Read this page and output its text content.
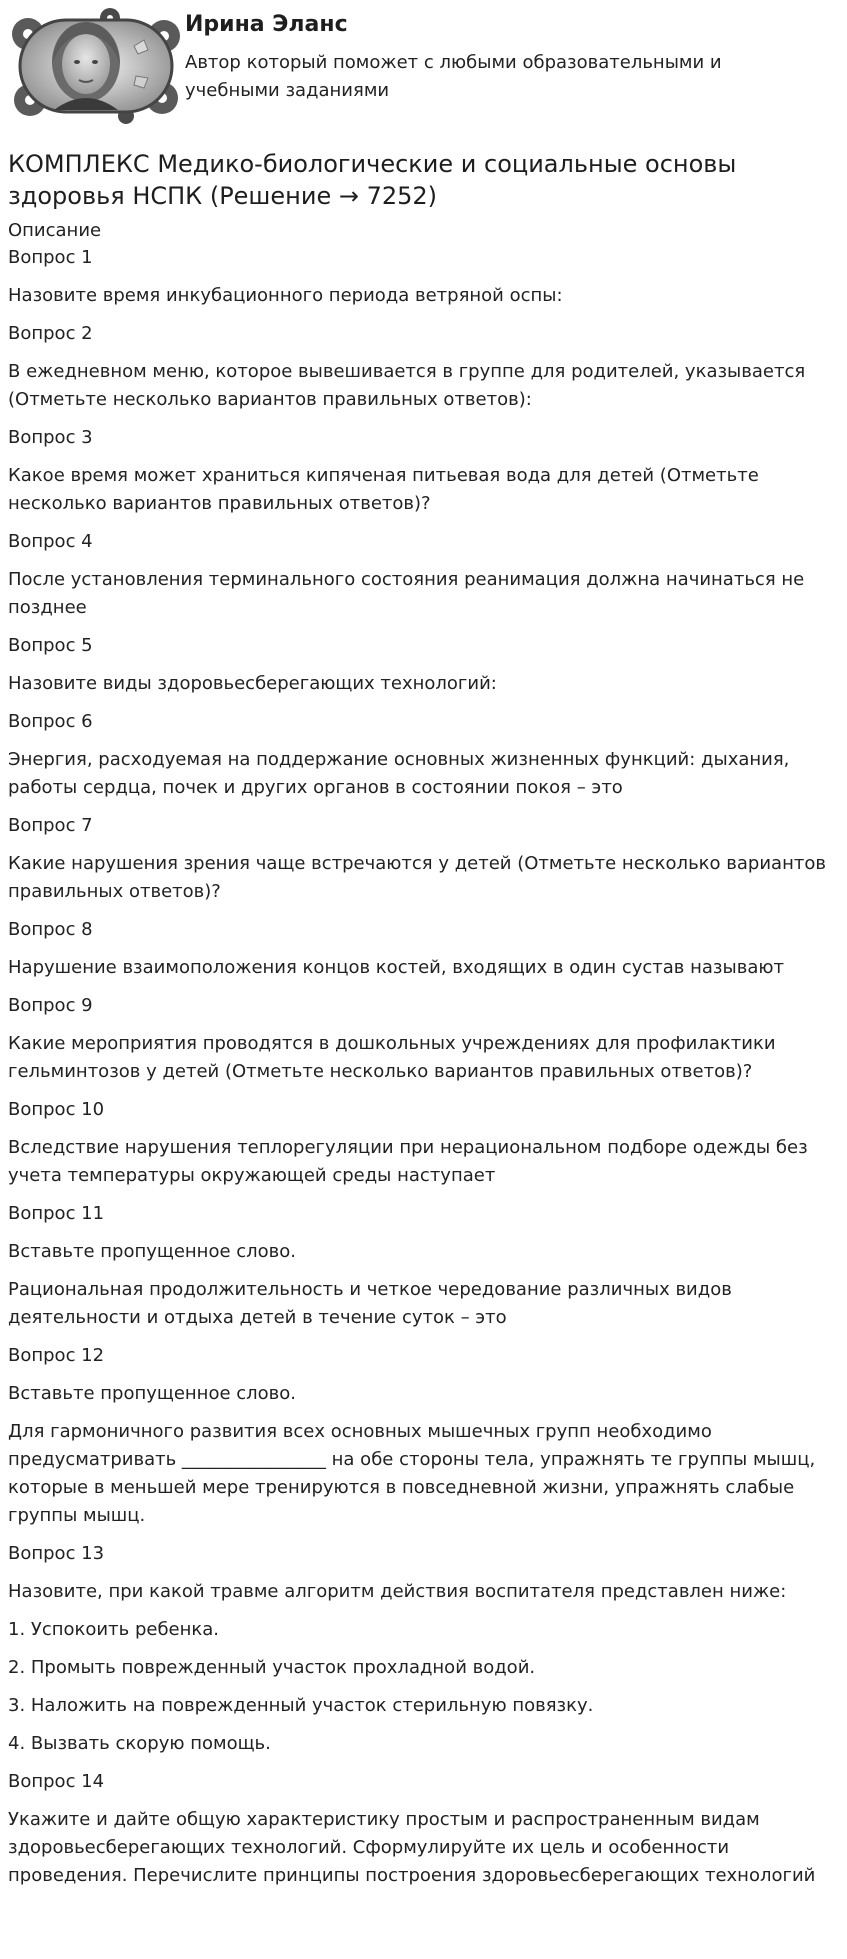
Ирина Эланс
Автор который поможет с любыми образовательными и учебными заданиями
КОМПЛЕКС Медико-биологические и социальные основы здоровья НСПК (Решение → 7252)
Описание
Вопрос 1

Назовите время инкубационного периода ветряной оспы:

Вопрос 2

В ежедневном меню, которое вывешивается в группе для родителей, указывается (Отметьте несколько вариантов правильных ответов):

Вопрос 3

Какое время может храниться кипяченая питьевая вода для детей (Отметьте несколько вариантов правильных ответов)?

Вопрос 4

После установления терминального состояния реанимация должна начинаться не позднее

Вопрос 5

Назовите виды здоровьесберегающих технологий:

Вопрос 6

Энергия, расходуемая на поддержание основных жизненных функций: дыхания, работы сердца, почек и других органов в состоянии покоя – это

Вопрос 7

Какие нарушения зрения чаще встречаются у детей (Отметьте несколько вариантов правильных ответов)?

Вопрос 8

Нарушение взаимоположения концов костей, входящих в один сустав называют

Вопрос 9

Какие мероприятия проводятся в дошкольных учреждениях для профилактики гельминтозов у детей (Отметьте несколько вариантов правильных ответов)?

Вопрос 10

Вследствие нарушения теплорегуляции при нерациональном подборе одежды без учета температуры окружающей среды наступает

Вопрос 11

Вставьте пропущенное слово.

Рациональная продолжительность и четкое чередование различных видов деятельности и отдыха детей в течение суток – это

Вопрос 12

Вставьте пропущенное слово.

Для гармоничного развития всех основных мышечных групп необходимо предусматривать ________________ на обе стороны тела, упражнять те группы мышц, которые в меньшей мере тренируются в повседневной жизни, упражнять слабые группы мышц.

Вопрос 13

Назовите, при какой травме алгоритм действия воспитателя представлен ниже:

1. Успокоить ребенка.

2. Промыть поврежденный участок прохладной водой.

3. Наложить на поврежденный участок стерильную повязку.

4. Вызвать скорую помощь.

Вопрос 14

Укажите и дайте общую характеристику простым и распространенным видам здоровьесберегающих технологий. Сформулируйте их цель и особенности проведения. Перечислите принципы построения здоровьесберегающих технологий
